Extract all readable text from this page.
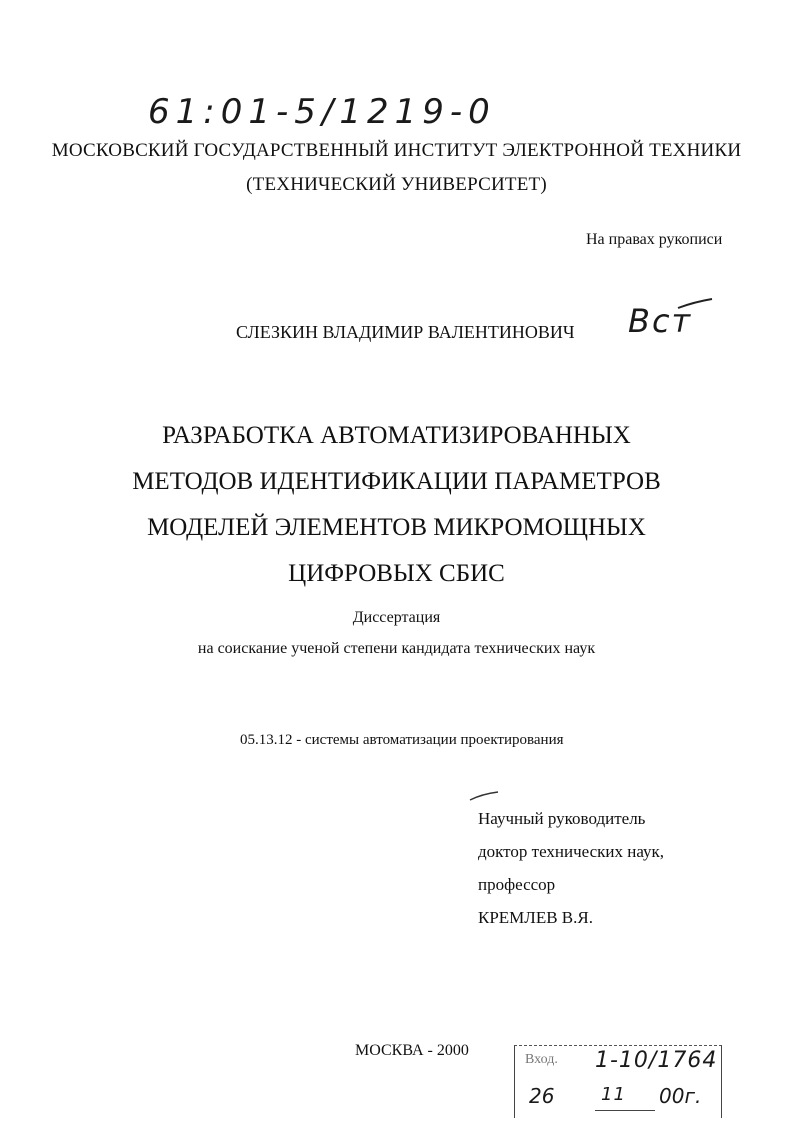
61:01-5/1219-0
МОСКОВСКИЙ ГОСУДАРСТВЕННЫЙ ИНСТИТУТ ЭЛЕКТРОННОЙ ТЕХНИКИ
(ТЕХНИЧЕСКИЙ УНИВЕРСИТЕТ)
На правах рукописи
СЛЕЗКИН ВЛАДИМИР ВАЛЕНТИНОВИЧ Вст
РАЗРАБОТКА АВТОМАТИЗИРОВАННЫХ
МЕТОДОВ ИДЕНТИФИКАЦИИ ПАРАМЕТРОВ
МОДЕЛЕЙ ЭЛЕМЕНТОВ МИКРОМОЩНЫХ
ЦИФРОВЫХ СБИС
Диссертация
на соискание ученой степени кандидата технических наук
05.13.12 - системы автоматизации проектирования
Научный руководитель
доктор технических наук,
профессор
КРЕМЛЕВ В.Я.
МОСКВА - 2000
Вход. 1-10/1764
26	11 00г.
